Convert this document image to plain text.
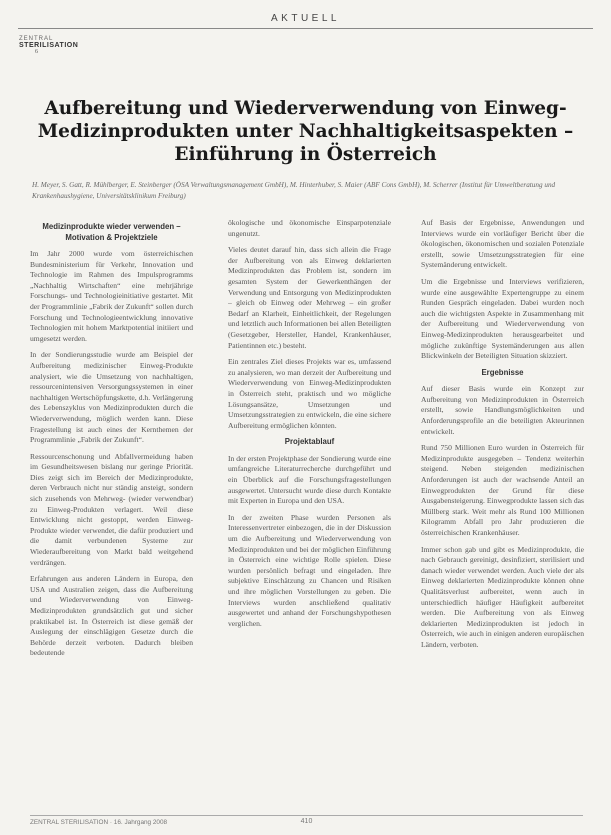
AKTUELL
ZENTRAL
STERILISATION
6
Aufbereitung und Wiederverwendung von Einweg-Medizinprodukten unter Nachhaltigkeitsaspekten – Einführung in Österreich
H. Meyer, S. Gatt, R. Mühlberger, E. Steinberger (ÖSA Verwaltungsmanagement GmbH), M. Hinterhuber, S. Maier (ABF Cons GmbH), M. Scherrer (Institut für Umweltberatung und Krankenhaushygiene, Universitätsklinikum Freiburg)
Medizinprodukte wieder verwenden – Motivation & Projektziele

Im Jahr 2000 wurde vom österreichischen Bundesministerium für Verkehr, Innovation und Technologie im Rahmen des Impulsprogramms „Nachhaltig Wirtschaften“ eine mehrjährige Forschungs- und Technologieinitiative gestartet. Mit der Programmlinie „Fabrik der Zukunft“ sollen durch Forschung und Technologieentwicklung innovative Technologien mit hohem Marktpotential initiiert und umgesetzt werden.

In der Sondierungsstudie wurde am Beispiel der Aufbereitung medizinischer Einweg-Produkte analysiert, wie die Umsetzung von nachhaltigen, ressourcenintensiven Versorgungssystemen in einer nachhaltigen Wertschöpfungskette, d.h. Verlängerung des Lebenszyklus von Medizinprodukten durch die Wiederverwendung, möglich werden kann. Diese Fragestellung ist auch eines der Kernthemen der Programmlinie „Fabrik der Zukunft“.

Ressourcenschonung und Abfallvermeidung haben im Gesundheitswesen bislang nur geringe Priorität. Dies zeigt sich im Bereich der Medizinprodukte, deren Verbrauch nicht nur ständig ansteigt, sondern sich zusehends von Mehrweg- (wieder verwendbar) zu Einweg-Produkten verlagert. Weil diese Entwicklung nicht gestoppt, werden Einweg-Produkte wieder verwendet, die dafür produziert und die damit verbundenen Systeme zur Wiederaufbereitung von Markt bald weitgehend verdrängen.

Erfahrungen aus anderen Ländern in Europa, den USA und Australien zeigen, dass die Aufbereitung und Wiederverwendung von Einweg-Medizinprodukten grundsätzlich gut und sicher praktikabel ist. In Österreich ist diese gemäß der Auslegung der einschlägigen Gesetze durch die Behörde derzeit verboten. Dadurch bleiben bedeutende

ökologische und ökonomische Einsparpotenziale ungenutzt.

Vieles deutet darauf hin, dass sich allein die Frage der Aufbereitung von als Einweg deklarierten Medizinprodukten das Problem ist, sondern im gesamten System der Gewerkenthängen der Verwendung und Entsorgung von Medizinprodukten – gleich ob Einweg oder Mehrweg – ein großer Bedarf an Klarheit, Einheitlichkeit, der Regelungen und letztlich auch Informationen bei allen Beteiligten (Gesetzgeber, Hersteller, Handel, Krankenhäuser, Patientinnen etc.) besteht.

Ein zentrales Ziel dieses Projekts war es, umfassend zu analysieren, wo man derzeit der Aufbereitung und Wiederverwendung von Einweg-Medizinprodukten in Österreich steht, praktisch und wo mögliche Lösungsansätze, Umsetzungen und Umsetzungsstrategien zu entwickeln, die eine sichere Aufbereitung ermöglichen könnten.

Projektablauf

In der ersten Projektphase der Sondierung wurde eine umfangreiche Literaturrecherche durchgeführt und ein Überblick auf die Forschungsfragestellungen ausgewertet. Untersucht wurde diese durch Kontakte mit Experten in Europa und den USA.

In der zweiten Phase wurden Personen als Interessenvertreter einbezogen, die in der Diskussion um die Aufbereitung und Wiederverwendung von Medizinprodukten und bei der möglichen Einführung in Österreich eine wichtige Rolle spielen. Diese wurden persönlich befragt und eingeladen. Ihre subjektive Einschätzung zu Chancen und Risiken und ihre möglichen Vorstellungen zu geben. Die Interviews wurden anschließend qualitativ ausgewertet und anhand der Forschungshypothesen verglichen.

Auf Basis der Ergebnisse, Anwendungen und Interviews wurde ein vorläufiger Bericht über die ökologischen, ökonomischen und sozialen Potenziale erstellt, sowie Umsetzungsstrategien für eine Systemänderung entwickelt.

Um die Ergebnisse und Interviews verifizieren, wurde eine ausgewählte Expertengruppe zu einem Runden Gespräch eingeladen. Dabei wurden noch auch die wichtigsten Aspekte in Zusammenhang mit der Aufbereitung und Wiederverwendung von Einweg-Medizinprodukten herausgearbeitet und mögliche zukünftige Systemänderungen aus allen Blickwinkeln der Beteiligten Situation skizziert.

Ergebnisse

Auf dieser Basis wurde ein Konzept zur Aufbereitung von Medizinprodukten in Österreich erstellt, sowie Handlungsmöglichkeiten und Anforderungsprofile an die beteiligten Akteurinnen entwickelt.

Rund 750 Millionen Euro wurden in Österreich für Medizinprodukte ausgegeben – Tendenz weiterhin steigend. Neben steigenden medizinischen Anforderungen ist auch der wachsende Anteil an Einwegprodukten der Grund für diese Ausgabensteigerung. Einwegprodukte lassen sich das Müllberg stark. Weit mehr als Rund 100 Millionen Kilogramm Abfall pro Jahr produzieren die österreichischen Krankenhäuser.

Immer schon gab und gibt es Medizinprodukte, die nach Gebrauch gereinigt, desinfiziert, sterilisiert und danach wieder verwendet werden. Auch viele der als Einweg deklarierten Medizinprodukte können ohne Qualitätsverlust aufbereitet, wenn auch in unterschiedlich häufiger Häufigkeit aufbereitet werden. Die Aufbereitung von als Einweg deklarierten Medizinprodukten ist jedoch in Österreich, wie auch in einigen anderen europäischen Ländern, verboten.

ZENTRAL STERILISATION · 16. Jahrgang 2008	410
